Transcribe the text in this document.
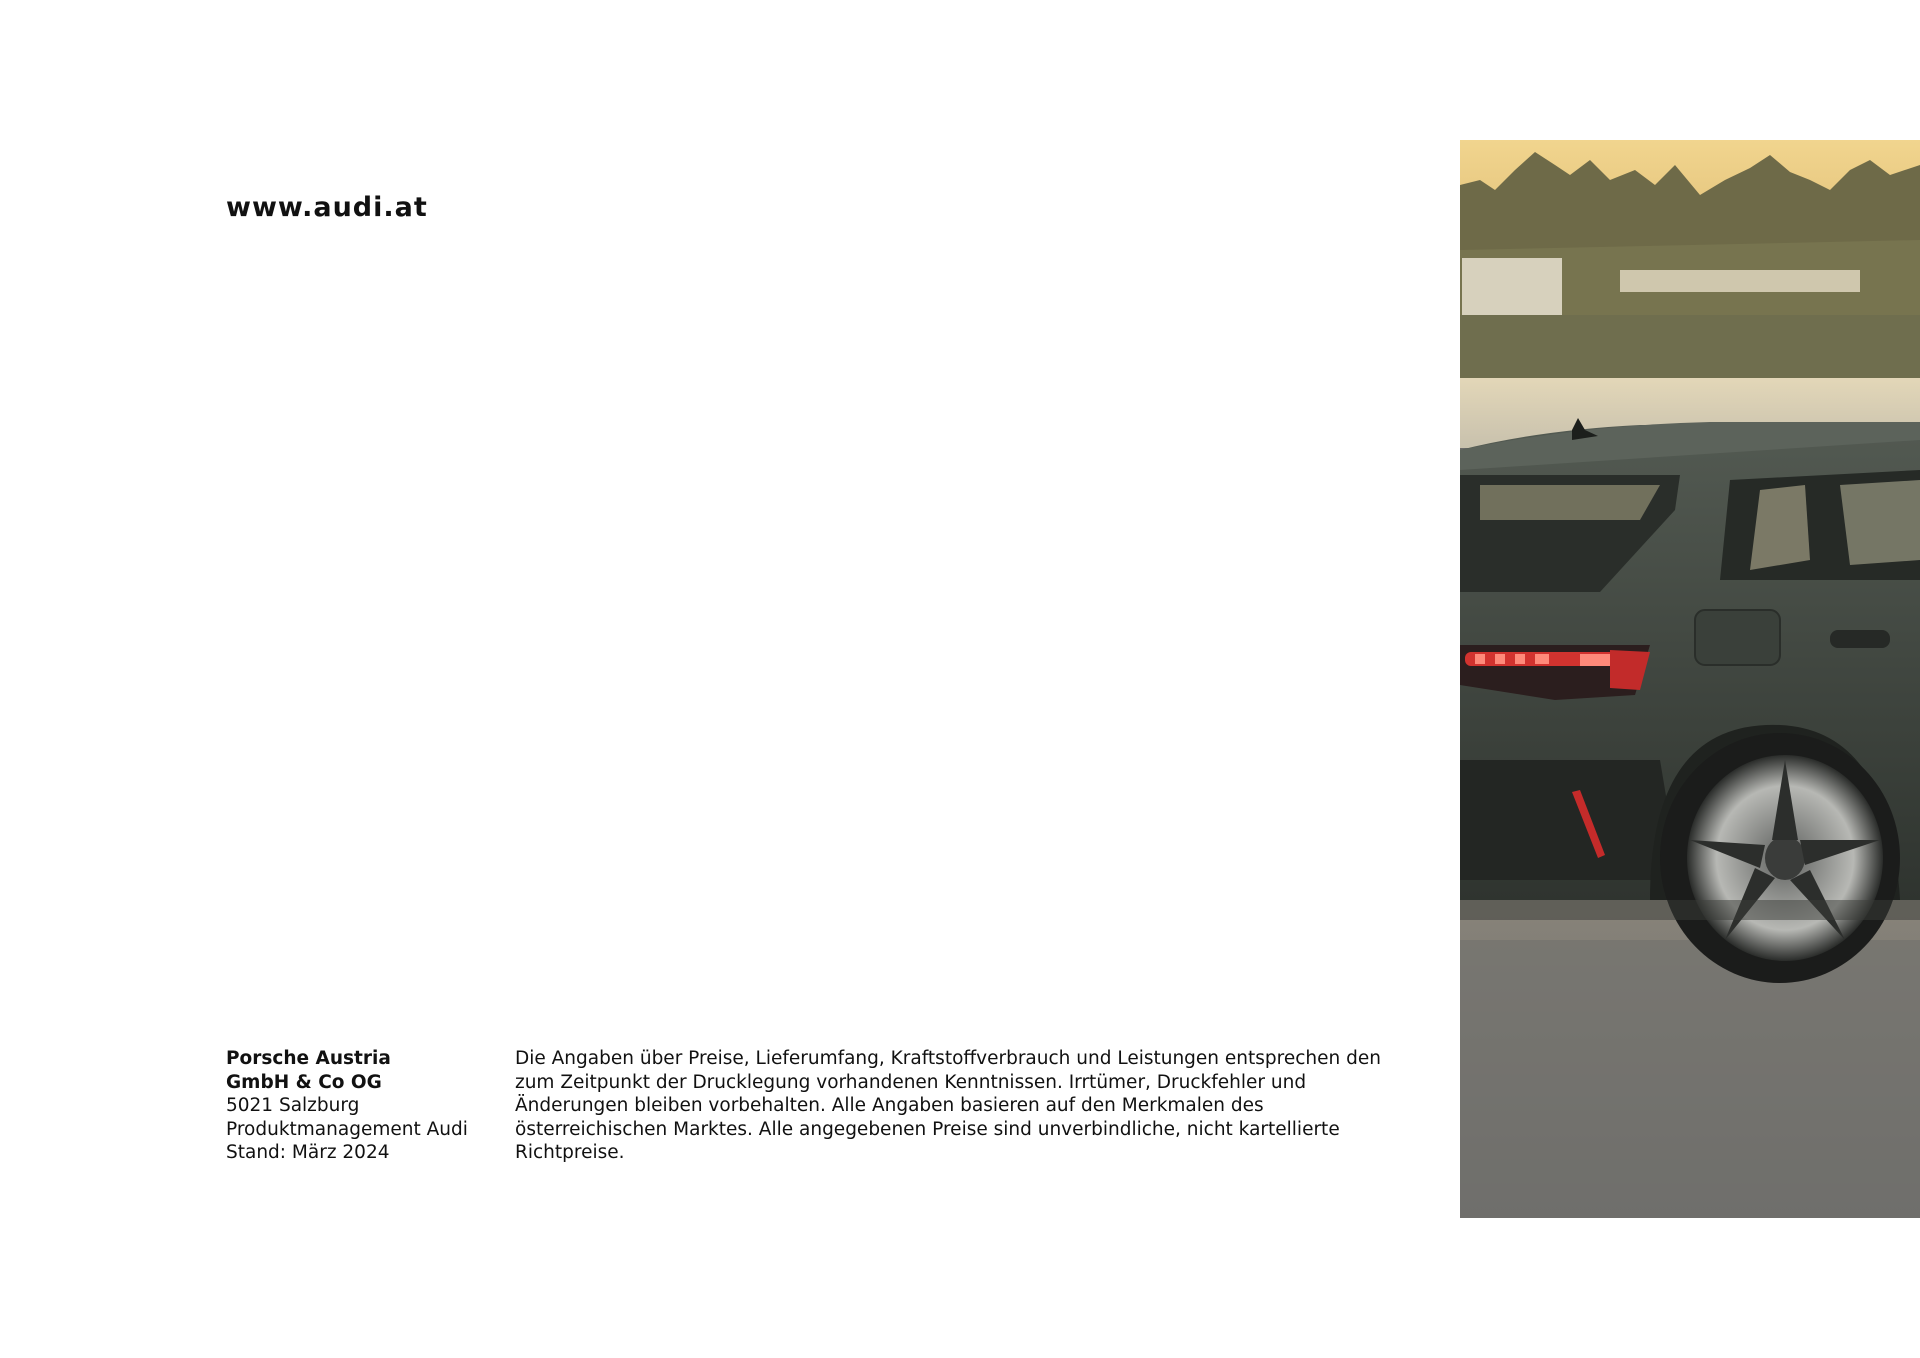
www.audi.at

Porsche Austria
GmbH & Co OG
5021 Salzburg
Produktmanagement Audi
Stand: März 2024

Die Angaben über Preise, Lieferumfang, Kraftstoffverbrauch und Leistungen entsprechen den zum Zeitpunkt der Drucklegung vorhandenen Kenntnissen. Irrtümer, Druckfehler und Änderungen bleiben vorbehalten. Alle Angaben basieren auf den Merkmalen des österreichischen Marktes. Alle angegebenen Preise sind unverbindliche, nicht kartellierte Richtpreise.
